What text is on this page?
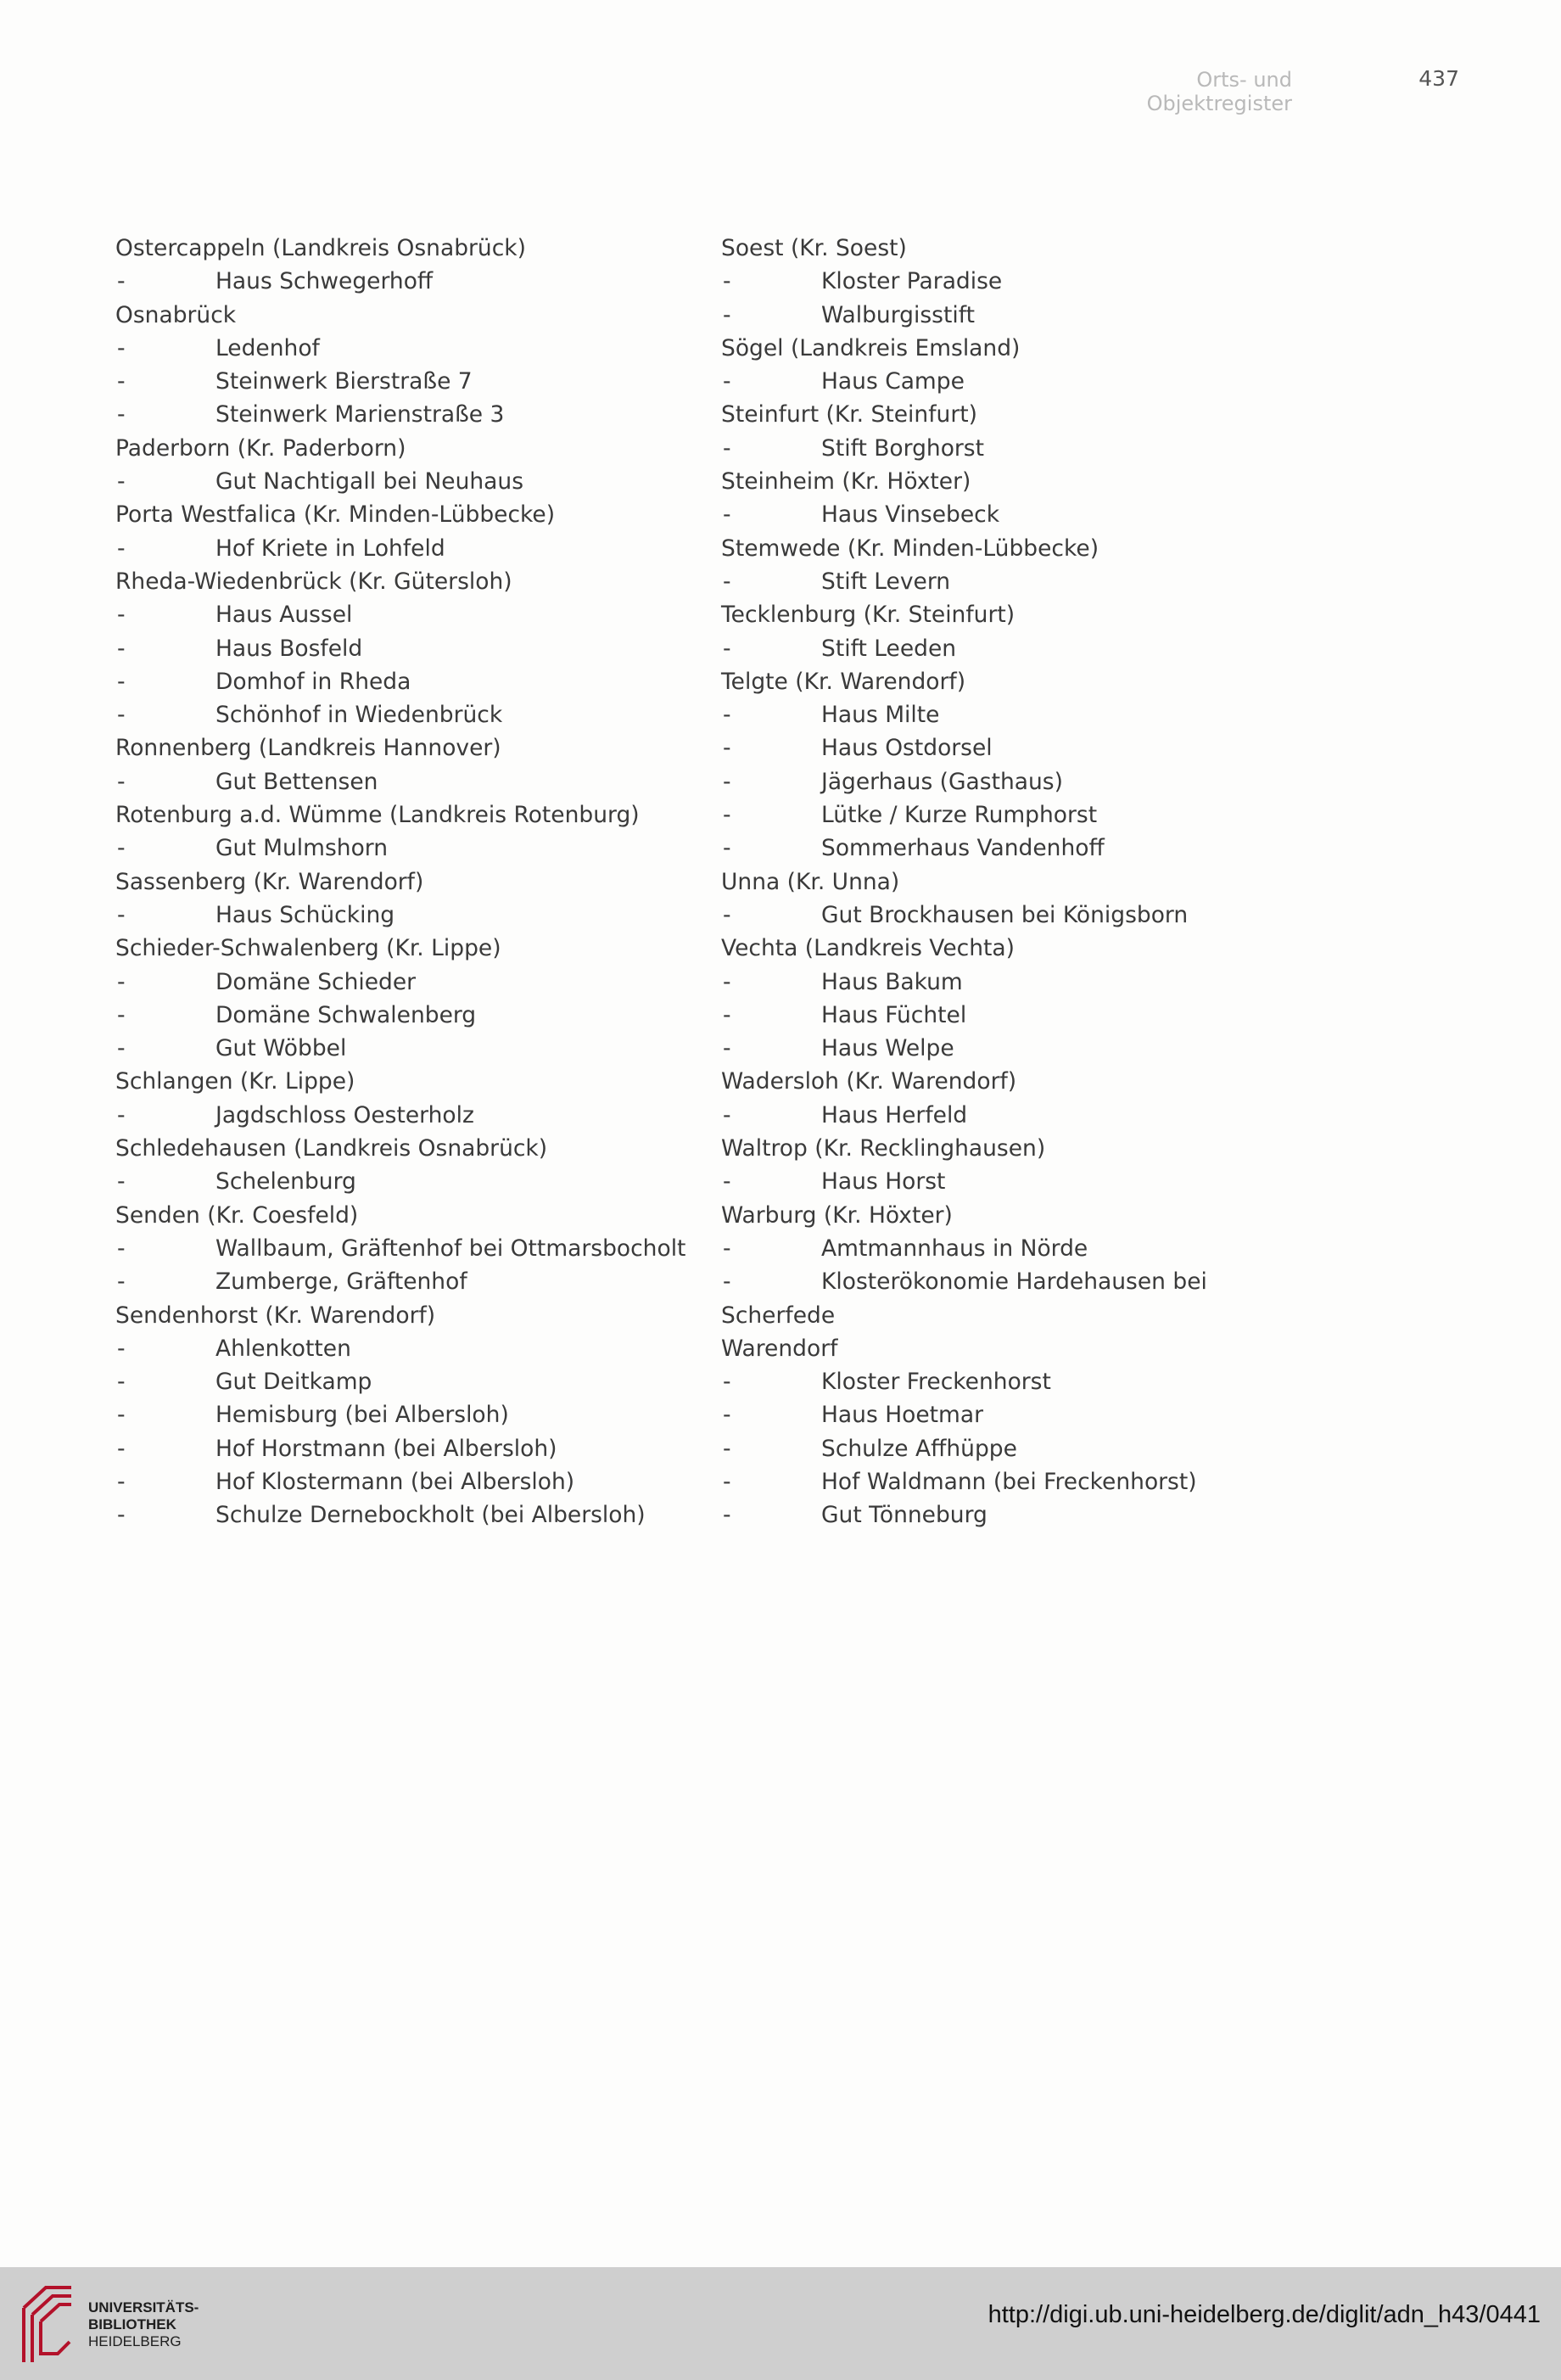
Orts- und Objektregister
437
Ostercappeln (Landkreis Osnabrück)
-	Haus Schwegerhoff
Osnabrück
-	Ledenhof
-	Steinwerk Bierstraße 7
-	Steinwerk Marienstraße 3
Paderborn (Kr. Paderborn)
-	Gut Nachtigall bei Neuhaus
Porta Westfalica (Kr. Minden-Lübbecke)
-	Hof Kriete in Lohfeld
Rheda-Wiedenbrück (Kr. Gütersloh)
-	Haus Aussel
-	Haus Bosfeld
-	Domhof in Rheda
-	Schönhof in Wiedenbrück
Ronnenberg (Landkreis Hannover)
-	Gut Bettensen
Rotenburg a.d. Wümme (Landkreis Rotenburg)
-	Gut Mulmshorn
Sassenberg (Kr. Warendorf)
-	Haus Schücking
Schieder-Schwalenberg (Kr. Lippe)
-	Domäne Schieder
-	Domäne Schwalenberg
-	Gut Wöbbel
Schlangen (Kr. Lippe)
-	Jagdschloss Oesterholz
Schledehausen (Landkreis Osnabrück)
-	Schelenburg
Senden (Kr. Coesfeld)
-	Wallbaum, Gräftenhof bei Ottmarsbocholt
-	Zumberge, Gräftenhof
Sendenhorst (Kr. Warendorf)
-	Ahlenkotten
-	Gut Deitkamp
-	Hemisburg (bei Albersloh)
-	Hof Horstmann (bei Albersloh)
-	Hof Klostermann (bei Albersloh)
-	Schulze Dernebockholt (bei Albersloh)
Soest (Kr. Soest)
-	Kloster Paradise
-	Walburgisstift
Sögel (Landkreis Emsland)
-	Haus Campe
Steinfurt (Kr. Steinfurt)
-	Stift Borghorst
Steinheim (Kr. Höxter)
-	Haus Vinsebeck
Stemwede (Kr. Minden-Lübbecke)
-	Stift Levern
Tecklenburg (Kr. Steinfurt)
-	Stift Leeden
Telgte (Kr. Warendorf)
-	Haus Milte
-	Haus Ostdorsel
-	Jägerhaus (Gasthaus)
-	Lütke / Kurze Rumphorst
-	Sommerhaus Vandenhoff
Unna (Kr. Unna)
-	Gut Brockhausen bei Königsborn
Vechta (Landkreis Vechta)
-	Haus Bakum
-	Haus Füchtel
-	Haus Welpe
Wadersloh (Kr. Warendorf)
-	Haus Herfeld
Waltrop (Kr. Recklinghausen)
-	Haus Horst
Warburg (Kr. Höxter)
-	Amtmannhaus in Nörde
-	Klosterökonomie Hardehausen bei
Scherfede
Warendorf
-	Kloster Freckenhorst
-	Haus Hoetmar
-	Schulze Affhüppe
-	Hof Waldmann (bei Freckenhorst)
-	Gut Tönneburg
UNIVERSITÄTS-
BIBLIOTHEK
HEIDELBERG
http://digi.ub.uni-heidelberg.de/diglit/adn_h43/0441
